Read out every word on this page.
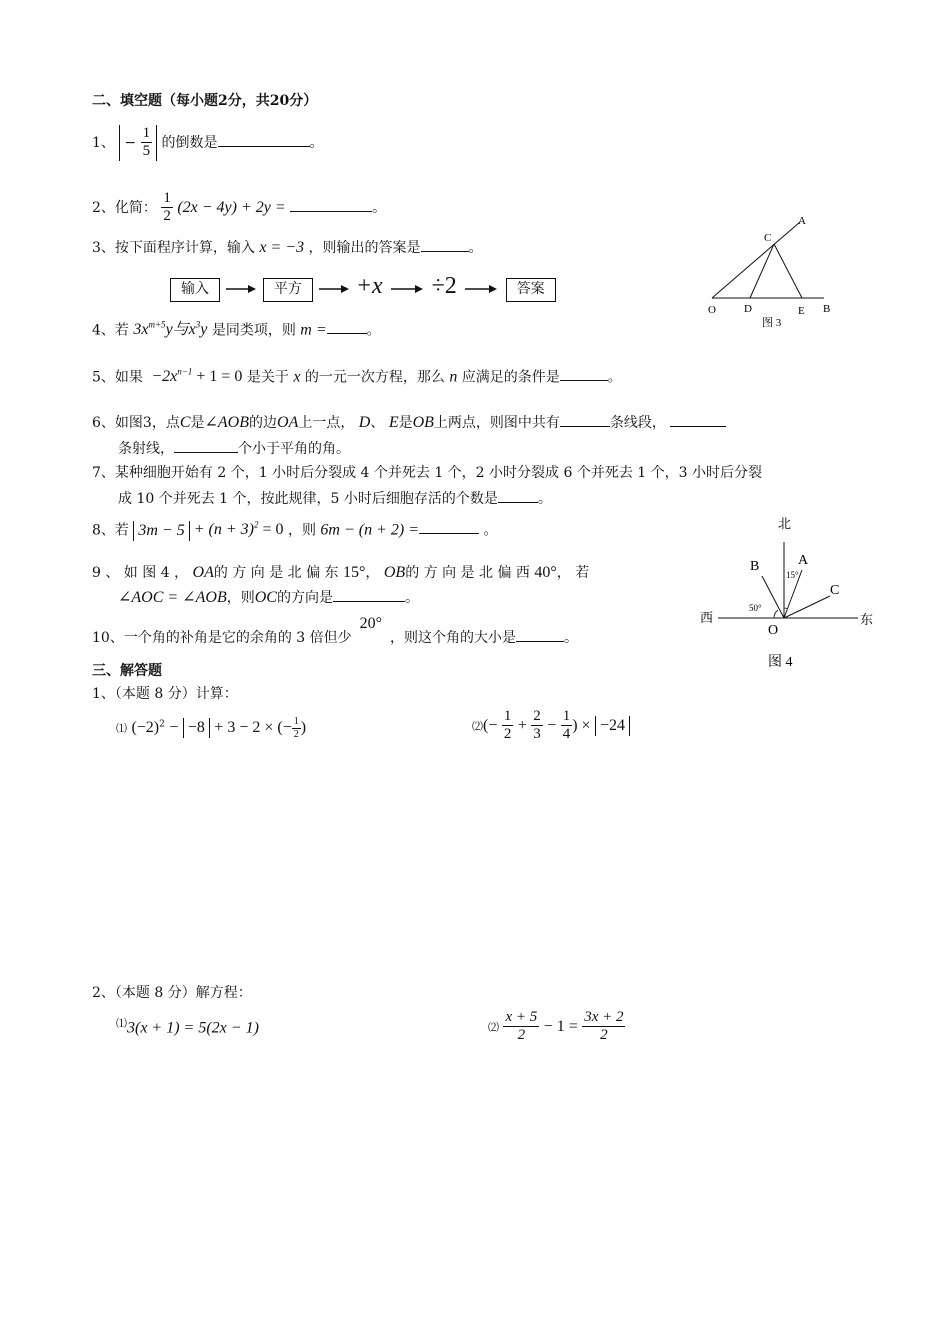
二、填空题（每小题2分，共20分）
1、 − $\frac{1}{5}$ 的倒数是	。
2、化简： $\frac{1}{2} (2x - 4y) + 2y$ =	。
3、按下面程序计算，输入 x = −3 ，则输出的答案是	。
输入	平方 +x ÷2	答案
4、若 $3x^{m+5}y$与$x^3y$ 是同类项，则 m =	。
5、如果 $-2x^{n-1} + 1 = 0$ 是关于 x 的一元一次方程，那么 n 应满足的条件是	。
6、如图3，点C是∠AOB的边OA上一点， D、 E是OB上两点，则图中共有	条线段，
条射线，	个小于平角的角。
7、某种细胞开始有 2 个，1 小时后分裂成 4 个并死去 1 个，2 小时分裂成 6 个并死去 1 个，3 小时后分裂
成 10 个并死去 1 个，按此规律，5 小时后细胞存活的个数是	。
8、若 $3m - 5 + (n + 3)^2 = 0$ ，则 6m − (n + 2) =	。
9 、 如 图 4 ， OA的 方 向 是 北 偏 东 15°， OB的 方 向 是 北 偏 西 40°， 若
∠AOC = ∠AOB，则OC的方向是	。
10、一个角的补角是它的余角的 3 倍但少20°，则这个角的大小是	。
三、解答题
1、（本题 8 分）计算：
⑴ $(-2)^2 - -8 + 3 - 2$ × (− $\frac{1}{2}$ )	⑵(− $\frac{1}{2} + \frac{2}{3} - \frac{1}{4}$ ) × −24
2、（本题 8 分）解方程：
⑴3(x + 1) = 5(2x − 1)	⑵ $\frac{x + 5}{2} - 1 = \frac{3x + 2}{2}$
A
C
O	D	E B
图 3
北
西	东
A
B
C
O
15°
50°
图 4
